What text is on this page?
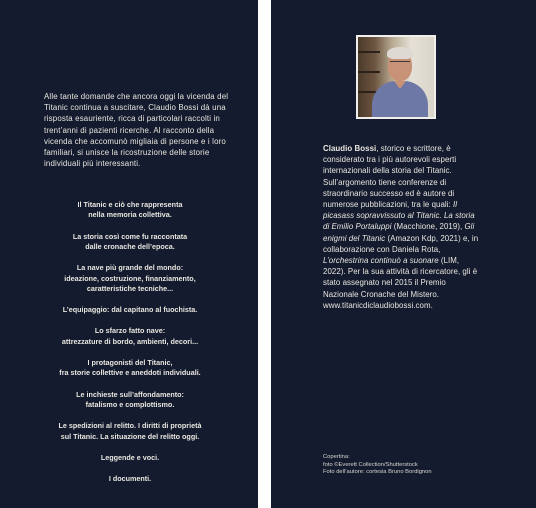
Alle tante domande che ancora oggi la vicenda del Titanic continua a suscitare, Claudio Bossi dà una risposta esauriente, ricca di particolari raccolti in trent’anni di pazienti ricerche. Al racconto della vicenda che accomunò migliaia di persone e i loro familiari, si unisce la ricostruzione delle storie individuali più interessanti.

Il Titanic e ciò che rappresenta
nella memoria collettiva.
La storia così come fu raccontata
dalle cronache dell’epoca.
La nave più grande del mondo:
ideazione, costruzione, finanziamento,
caratteristiche tecniche...
L’equipaggio: dal capitano al fuochista.
Lo sfarzo fatto nave:
attrezzature di bordo, ambienti, decori...
I protagonisti del Titanic,
fra storie collettive e aneddoti individuali.
Le inchieste sull’affondamento:
fatalismo e complottismo.
Le spedizioni al relitto. I diritti di proprietà
sul Titanic. La situazione del relitto oggi.
Leggende e voci.
I documenti.

Claudio Bossi, storico e scrittore, è considerato tra i più autorevoli esperti internazionali della storia del Titanic. Sull’argomento tiene conferenze di straordinario successo ed è autore di numerose pubblicazioni, tra le quali: Il picasass sopravvissuto al Titanic. La storia di Emilio Portaluppi (Macchione, 2019), Gli enigmi del Titanic (Amazon Kdp, 2021) e, in collaborazione con Daniela Rota, L’orchestrina continuò a suonare (LIM, 2022). Per la sua attività di ricercatore, gli è stato assegnato nel 2015 il Premio Nazionale Cronache del Mistero.
www.titanicdiclaudiobossi.com.

Copertina:
foto ©Everett Collection/Shutterstock
Foto dell’autore: cortesia Bruno Bordignon
